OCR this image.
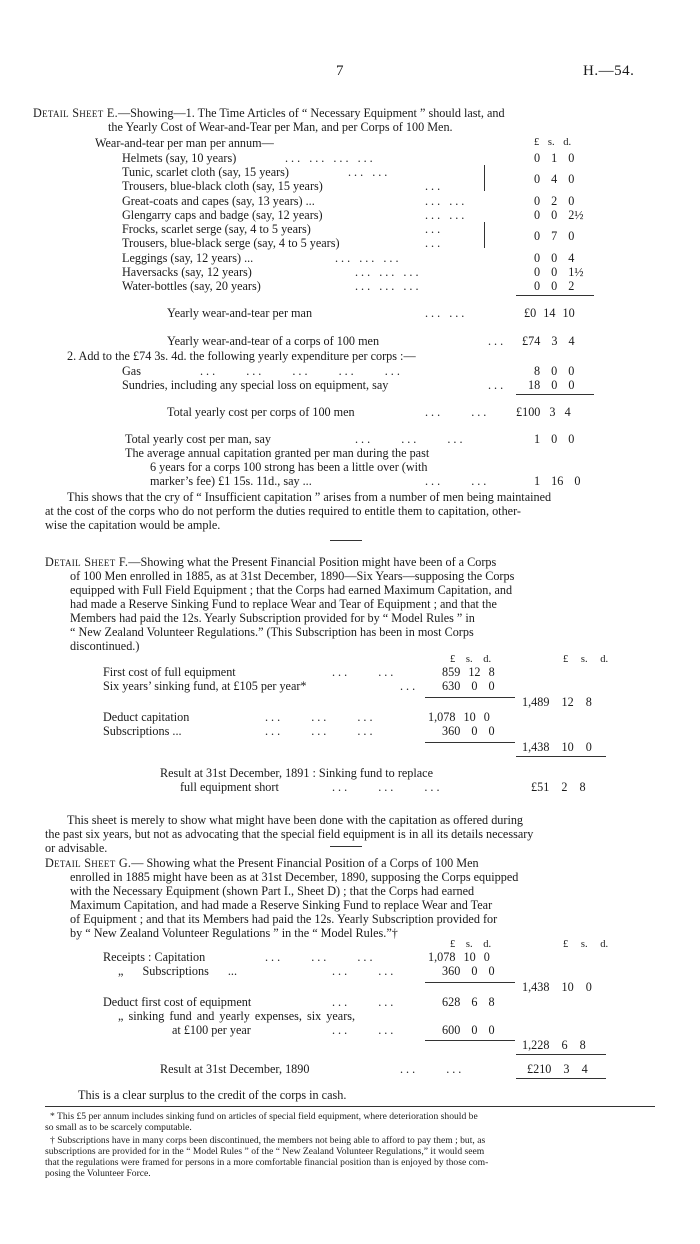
7	H.—54.
Detail Sheet E.—Showing—1. The Time Articles of “ Necessary Equipment ” should last, and
the Yearly Cost of Wear-and-Tear per Man, and per Corps of 100 Men.
Wear-and-tear per man per annum—	£ s. d.
Helmets (say, 10 years)	... ... ... ...	0 1 0
Tunic, scarlet cloth (say, 15 years)	... ...	0 4 0
Trousers, blue-black cloth (say, 15 years)	...
Great-coats and capes (say, 13 years) ...	... ...	0 2 0
Glengarry caps and badge (say, 12 years)	... ...	0 0 2½
Frocks, scarlet serge (say, 4 to 5 years)	...	0 7 0
Trousers, blue-black serge (say, 4 to 5 years)	...
Leggings (say, 12 years) ...	... ... ...	0 0 4
Haversacks (say, 12 years)	... ... ...	0 0 1½
Water-bottles (say, 20 years)	... ... ...	0 0 2
Yearly wear-and-tear per man	... ...	£0 14 10
Yearly wear-and-tear of a corps of 100 men	... £74 3 4
2. Add to the £74 3s. 4d. the following yearly expenditure per corps :—
Gas	... ... ... ... ...	8 0 0
Sundries, including any special loss on equipment, say	... 18 0 0
Total yearly cost per corps of 100 men	... ... £100 3 4
Total yearly cost per man, say	... ... ...	1 0 0
The average annual capitation granted per man during the past
6 years for a corps 100 strong has been a little over (with
marker’s fee) £1 15s. 11d., say ...	... ...	1 16 0
This shows that the cry of “ Insufficient capitation ” arises from a number of men being maintained
at the cost of the corps who do not perform the duties required to entitle them to capitation, other-
wise the capitation would be ample.
Detail Sheet F.—Showing what the Present Financial Position might have been of a Corps
of 100 Men enrolled in 1885, as at 31st December, 1890—Six Years—supposing the Corps
equipped with Full Field Equipment ; that the Corps had earned Maximum Capitation, and
had made a Reserve Sinking Fund to replace Wear and Tear of Equipment ; and that the
Members had paid the 12s. Yearly Subscription provided for by “ Model Rules ” in
“ New Zealand Volunteer Regulations.” (This Subscription has been in most Corps
discontinued.)
£ s. d.	£ s. d.
First cost of full equipment	... ...	859 12 8
Six years’ sinking fund, at £105 per year*	... 630 0 0
1,489 12 8
Deduct capitation	... ... ...	1,078 10 0
Subscriptions ...	... ... ...	360 0 0
1,438 10 0
Result at 31st December, 1891 : Sinking fund to replace
full equipment short	... ... ...	£51 2 8
This sheet is merely to show what might have been done with the capitation as offered during
the past six years, but not as advocating that the special field equipment is in all its details necessary
or advisable.
Detail Sheet G.— Showing what the Present Financial Position of a Corps of 100 Men
enrolled in 1885 might have been as at 31st December, 1890, supposing the Corps equipped
with the Necessary Equipment (shown Part I., Sheet D) ; that the Corps had earned
Maximum Capitation, and had made a Reserve Sinking Fund to replace Wear and Tear
of Equipment ; and that its Members had paid the 12s. Yearly Subscription provided for
by “ New Zealand Volunteer Regulations ” in the “ Model Rules.”†
£ s. d.	£ s. d.
Receipts : Capitation	... ... ...	1,078 10 0
„ Subscriptions ...	... ...	360 0 0
1,438 10 0
Deduct first cost of equipment	... ...	628 6 8
„ sinking fund and yearly expenses, six years,
at £100 per year	... ...	600 0 0
1,228 6 8
Result at 31st December, 1890	... ...	£210 3 4
This is a clear surplus to the credit of the corps in cash.
* This £5 per annum includes sinking fund on articles of special field equipment, where deterioration should be
so small as to be scarcely computable.
† Subscriptions have in many corps been discontinued, the members not being able to afford to pay them ; but, as
subscriptions are provided for in the “ Model Rules ” of the “ New Zealand Volunteer Regulations,” it would seem
that the regulations were framed for persons in a more comfortable financial position than is enjoyed by those com-
posing the Volunteer Force.
